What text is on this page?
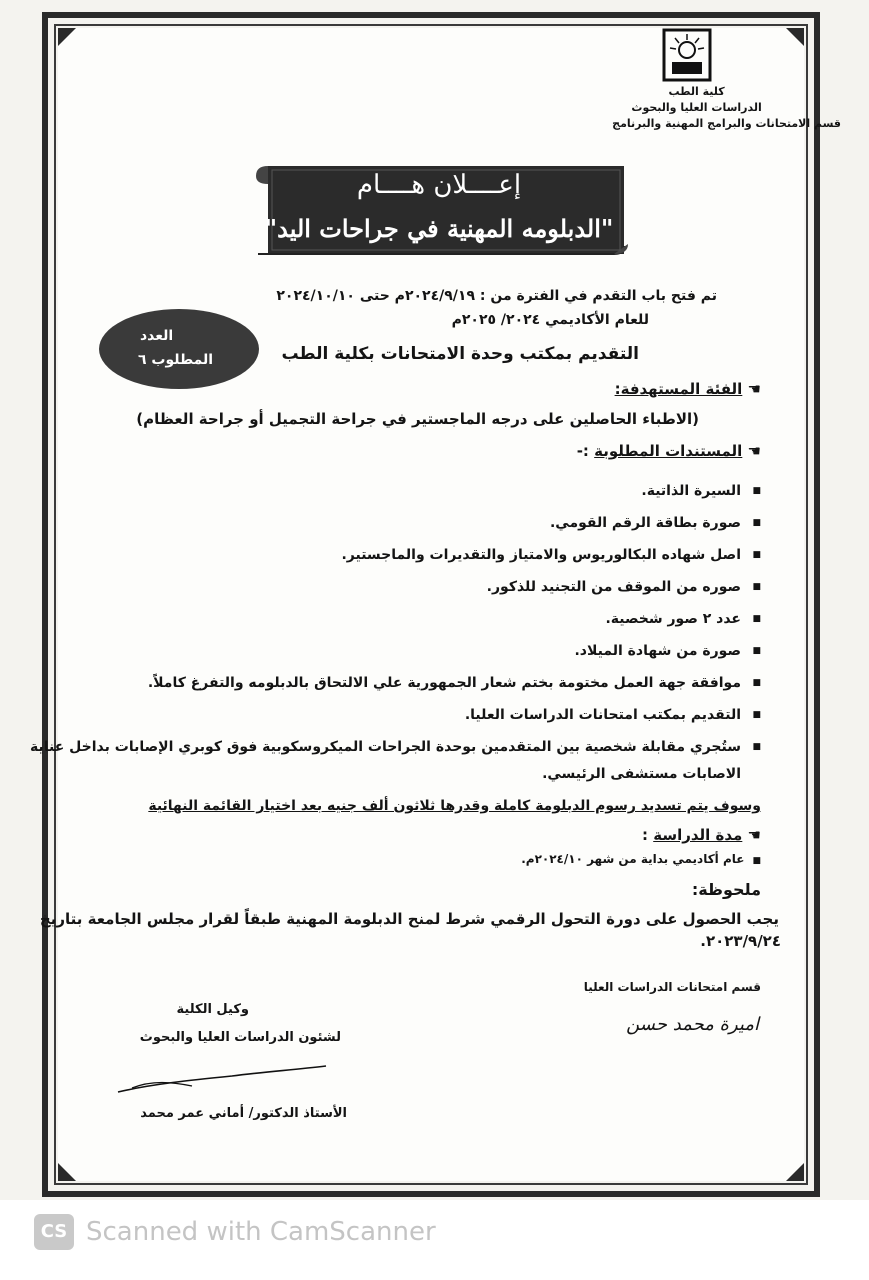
كلية الطب
الدراسات العليا والبحوث
قسم الامتحانات والبرامج المهنية والبرنامج
إعــــلان هــــام
"الدبلومه المهنية في جراحات اليد"
تم فتح باب التقدم في الفترة من : ٢٠٢٤/٩/١٩م حتى ٢٠٢٤/١٠/١٠
للعام الأكاديمي ٢٠٢٤/ ٢٠٢٥م
التقديم بمكتب وحدة الامتحانات بكلية الطب
العدد
المطلوب ٦
☚ الفئة المستهدفة:
(الاطباء الحاصلين على درجه الماجستير في جراحة التجميل أو جراحة العظام)
☚ المستندات المطلوبة :-
■ السيرة الذاتية.
■ صورة بطاقة الرقم القومي.
■ اصل شهاده البكالوريوس والامتياز والتقديرات والماجستير.
■ صوره من الموقف من التجنيد للذكور.
■ عدد ٢ صور شخصية.
■ صورة من شهادة الميلاد.
■ موافقة جهة العمل مختومة بختم شعار الجمهورية علي الالتحاق بالدبلومه والتفرغ كاملاً.
■ التقديم بمكتب امتحانات الدراسات العليا.
■ ستُجري مقابلة شخصية بين المتقدمين بوحدة الجراحات الميكروسكوبية فوق كوبري الإصابات بداخل عناية
الاصابات مستشفى الرئيسي.
وسوف يتم تسديد رسوم الدبلومة كاملة وقدرها ثلاثون ألف جنيه بعد اختيار القائمة النهائية
☚ مدة الدراسة :
■عام أكاديمي بداية من شهر ٢٠٢٤/١٠م.
ملحوظة:
يجب الحصول على دورة التحول الرقمي شرط لمنح الدبلومة المهنية طبقاً لقرار مجلس الجامعة بتاريخ
٢٠٢٣/٩/٢٤.
قسم امتحانات الدراسات العليا
اميرة محمد حسن
وكيل الكلية
لشئون الدراسات العليا والبحوث
الأستاذ الدكتور/ أماني عمر محمد
CS Scanned with CamScanner
